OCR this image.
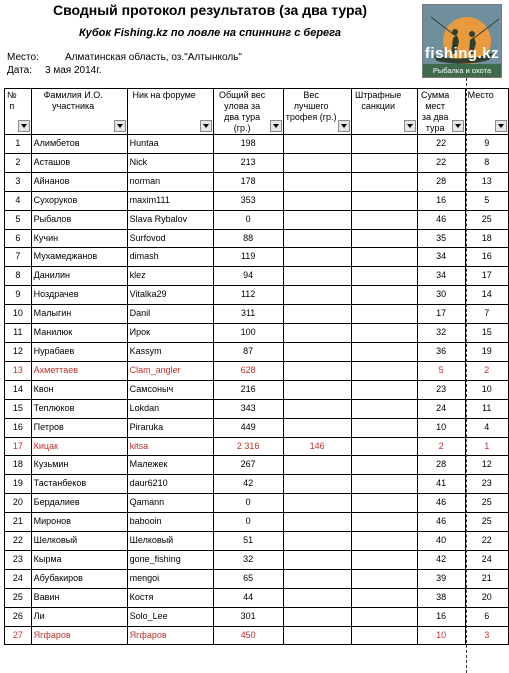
Сводный протокол результатов (за два тура)
Кубок Fishing.kz по ловле на спиннинг с берега
Место:	Алматинская область, оз."Алтынколь"
Дата: 3 мая 2014г.
fishing.kz
Рыбалка и охота
№ п	Фамилия И.О. участника	Ник на форуме	Общий вес улова за два тура (гр.)	Вес лучшего трофея (гр.)	Штрафные санкции	Сумма мест за два тура	Место

1	Алимбетов	Huntaa	198			22	9
2	Асташов	Nick	213			22	8
3	Айнанов	norman	178			28	13
4	Сухоруков	maxim111	353			16	5
5	Рыбалов	Slava Rybalov	0			46	25
6	Кучин	Surfovod	88			35	18
7	Мухамеджанов	dimash	119			34	16
8	Данилин	klez	94			34	17
9	Ноздрачев	Vitalka29	112			30	14
10	Малыгин	Danil	311			17	7
11	Манилюк	Ирок	100			32	15
12	Нурабаев	Kassym	87			36	19
13	Ахметтаев	Clam_angler	628			5	2
14	Квон	Самсоныч	216			23	10
15	Теплюков	Lokdan	343			24	11
16	Петров	Piraruka	449			10	4
17	Кицак	kitsa	2 316	146		2	1
18	Кузьмин	Малежек	267			28	12
19	Тастанбеков	daur6210	42			41	23
20	Бердалиев	Qamann	0			46	25
21	Миронов	babooin	0			46	25
22	Шелковый	Шелковый	51			40	22
23	Кырма	gone_fishing	32			42	24
24	Абубакиров	mengoi	65			39	21
25	Вавин	Костя	44			38	20
26	Ли	Solo_Lee	301			16	6
27	Ягфаров	Ягфаров	450			10	3
